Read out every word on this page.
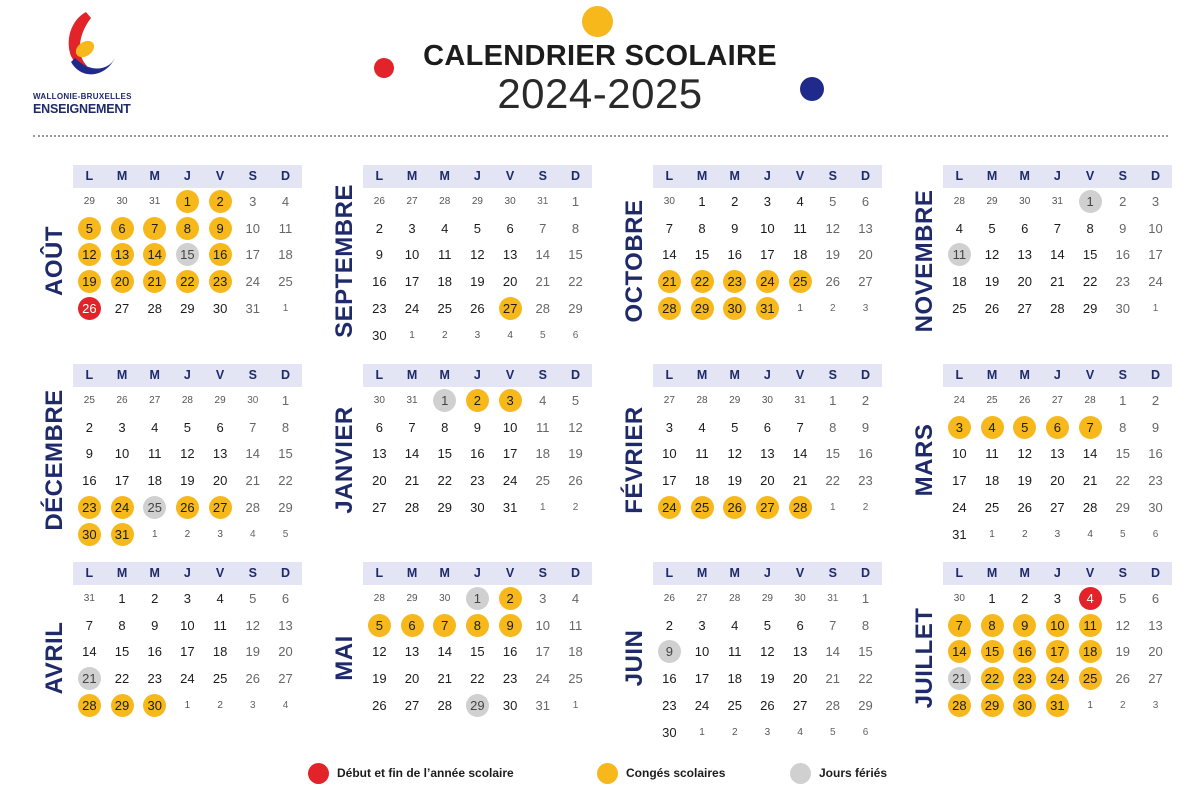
WALLONIE-BRUXELLES
ENSEIGNEMENT
CALENDRIER SCOLAIRE
2024-2025
AOÛT
L	M	M	J	V	S	D
29	30	31	1	2	3	4
5	6	7	8	9	10	11
12	13	14	15	16	17	18
19	20	21	22	23	24	25
26	27	28	29	30	31	1	SEPTEMBRE
L	M	M	J	V	S	D
26	27	28	29	30	31	1
2	3	4	5	6	7	8
9	10	11	12	13	14	15
16	17	18	19	20	21	22
23	24	25	26	27	28	29
30	1	2	3	4	5	6
OCTOBRE
L	M	M	J	V	S	D
30	1	2	3	4	5	6
7	8	9	10	11	12	13
14	15	16	17	18	19	20
21	22	23	24	25	26	27
28	29	30	31	1	2	3	NOVEMBRE
L	M	M	J	V	S	D
28	29	30	31	1	2	3
4	5	6	7	8	9	10
11	12	13	14	15	16	17
18	19	20	21	22	23	24
25	26	27	28	29	30	1
DÉCEMBRE
L	M	M	J	V	S	D
25	26	27	28	29	30	1
2	3	4	5	6	7	8
9	10	11	12	13	14	15
16	17	18	19	20	21	22
23	24	25	26	27	28	29
30	31	1	2	3	4	5
JANVIER
L	M	M	J	V	S	D
30	31	1	2	3	4	5
6	7	8	9	10	11	12
13	14	15	16	17	18	19
20	21	22	23	24	25	26
27	28	29	30	31	1	2	FÉVRIER
L	M	M	J	V	S	D
27	28	29	30	31	1	2
3	4	5	6	7	8	9
10	11	12	13	14	15	16
17	18	19	20	21	22	23
24	25	26	27	28	1	2
MARS
L	M	M	J	V	S	D
24	25	26	27	28	1	2
3	4	5	6	7	8	9
10	11	12	13	14	15	16
17	18	19	20	21	22	23
24	25	26	27	28	29	30
31	1	2	3	4	5	6
AVRIL
L	M	M	J	V	S	D
31	1	2	3	4	5	6
7	8	9	10	11	12	13
14	15	16	17	18	19	20
21	22	23	24	25	26	27
28	29	30	1	2	3	4
MAI
L	M	M	J	V	S	D
28	29	30	1	2	3	4
5	6	7	8	9	10	11
12	13	14	15	16	17	18
19	20	21	22	23	24	25
26	27	28	29	30	31	1
JUIN
L	M	M	J	V	S	D
26	27	28	29	30	31	1
2	3	4	5	6	7	8
9	10	11	12	13	14	15
16	17	18	19	20	21	22
23	24	25	26	27	28	29
30	1	2	3	4	5	6
JUILLET
L	M	M	J	V	S	D
30	1	2	3	4	5	6
7	8	9	10	11	12	13
14	15	16	17	18	19	20
21	22	23	24	25	26	27
28	29	30	31	1	2	3
Début et fin de l’année scolaire	Congés scolaires	Jours fériés
